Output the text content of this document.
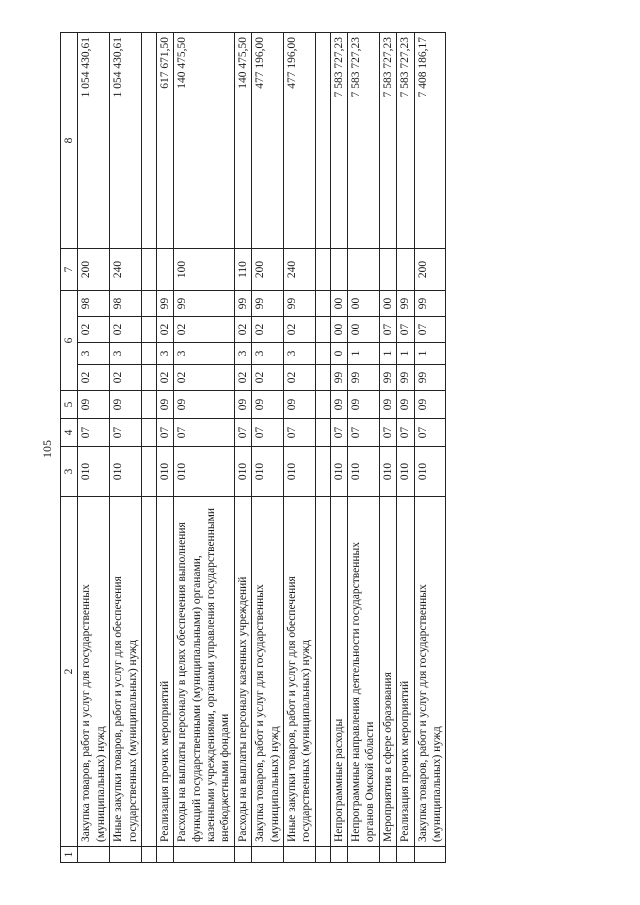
105
1	2	3	4	5	6				7	8
	Закупка товаров, работ и услуг для государственных (муниципальных) нужд	010	07	09	02	3	02	98	200	1 054 430,61
	Иные закупки товаров, работ и услуг для обеспечения государственных (муниципальных) нужд	010	07	09	02	3	02	98	240	1 054 430,61

	Реализация прочих мероприятий	010	07	09	02	3	02	99		617 671,50
	Расходы на выплаты персоналу в целях обеспечения выполнения функций государственными (муниципальными) органами, казенными учреждениями, органами управления государственными внебюджетными фондами	010	07	09	02	3	02	99	100	140 475,50
	Расходы на выплаты персоналу казенных учреждений	010	07	09	02	3	02	99	110	140 475,50
	Закупка товаров, работ и услуг для государственных (муниципальных) нужд	010	07	09	02	3	02	99	200	477 196,00
	Иные закупки товаров, работ и услуг для обеспечения государственных (муниципальных) нужд	010	07	09	02	3	02	99	240	477 196,00

	Непрограммные расходы	010	07	09	99	0	00	00		7 583 727,23
	Непрограммные направления деятельности государственных органов Омской области	010	07	09	99	1	00	00		7 583 727,23
	Мероприятия в сфере образования	010	07	09	99	1	07	00		7 583 727,23
	Реализация прочих мероприятий	010	07	09	99	1	07	99		7 583 727,23
	Закупка товаров, работ и услуг для государственных (муниципальных) нужд	010	07	09	99	1	07	99	200	7 408 186,17
